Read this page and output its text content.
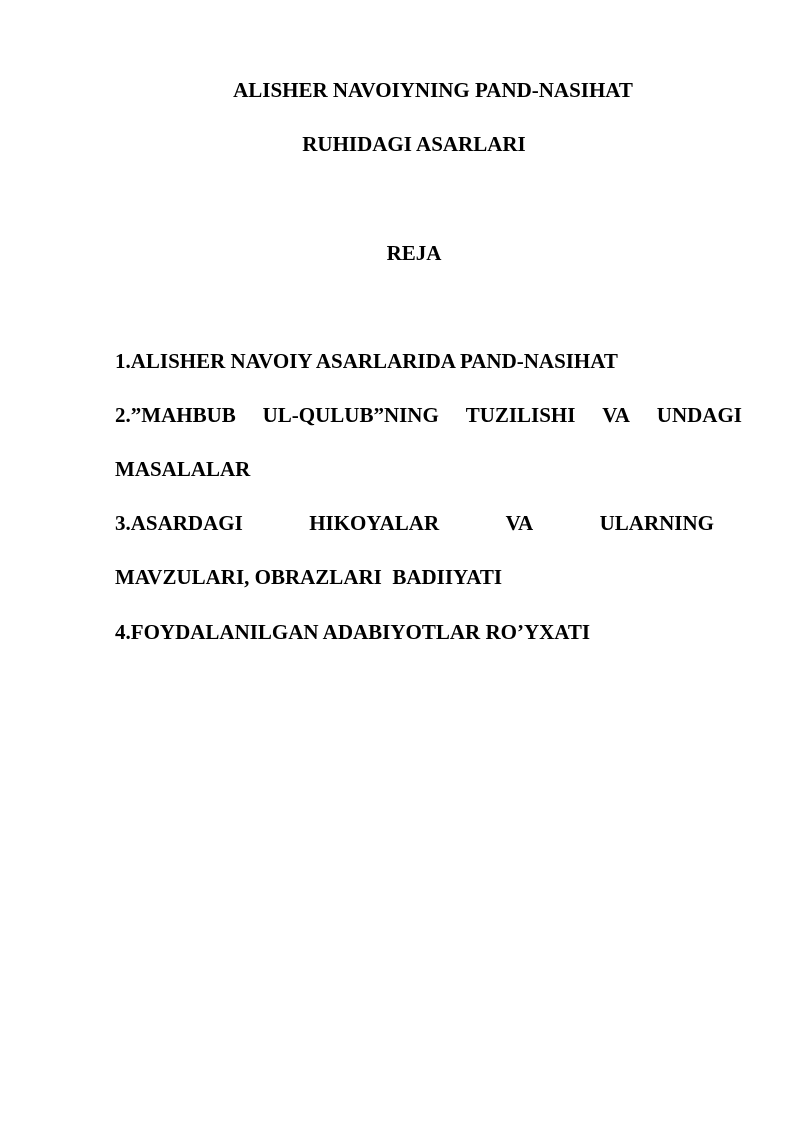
ALISHER NAVOIYNING PAND-NASIHAT

RUHIDAGI ASARLARI

REJA

1.ALISHER NAVOIY ASARLARIDA PAND-NASIHAT

2.”MAHBUB UL-QULUB”NING TUZILISHI VA UNDAGI

MASALALAR

3.ASARDAGI	HIKOYALAR	VA	ULARNING

MAVZULARI, OBRAZLARI  BADIIYATI

4.FOYDALANILGAN ADABIYOTLAR RO’YXATI
